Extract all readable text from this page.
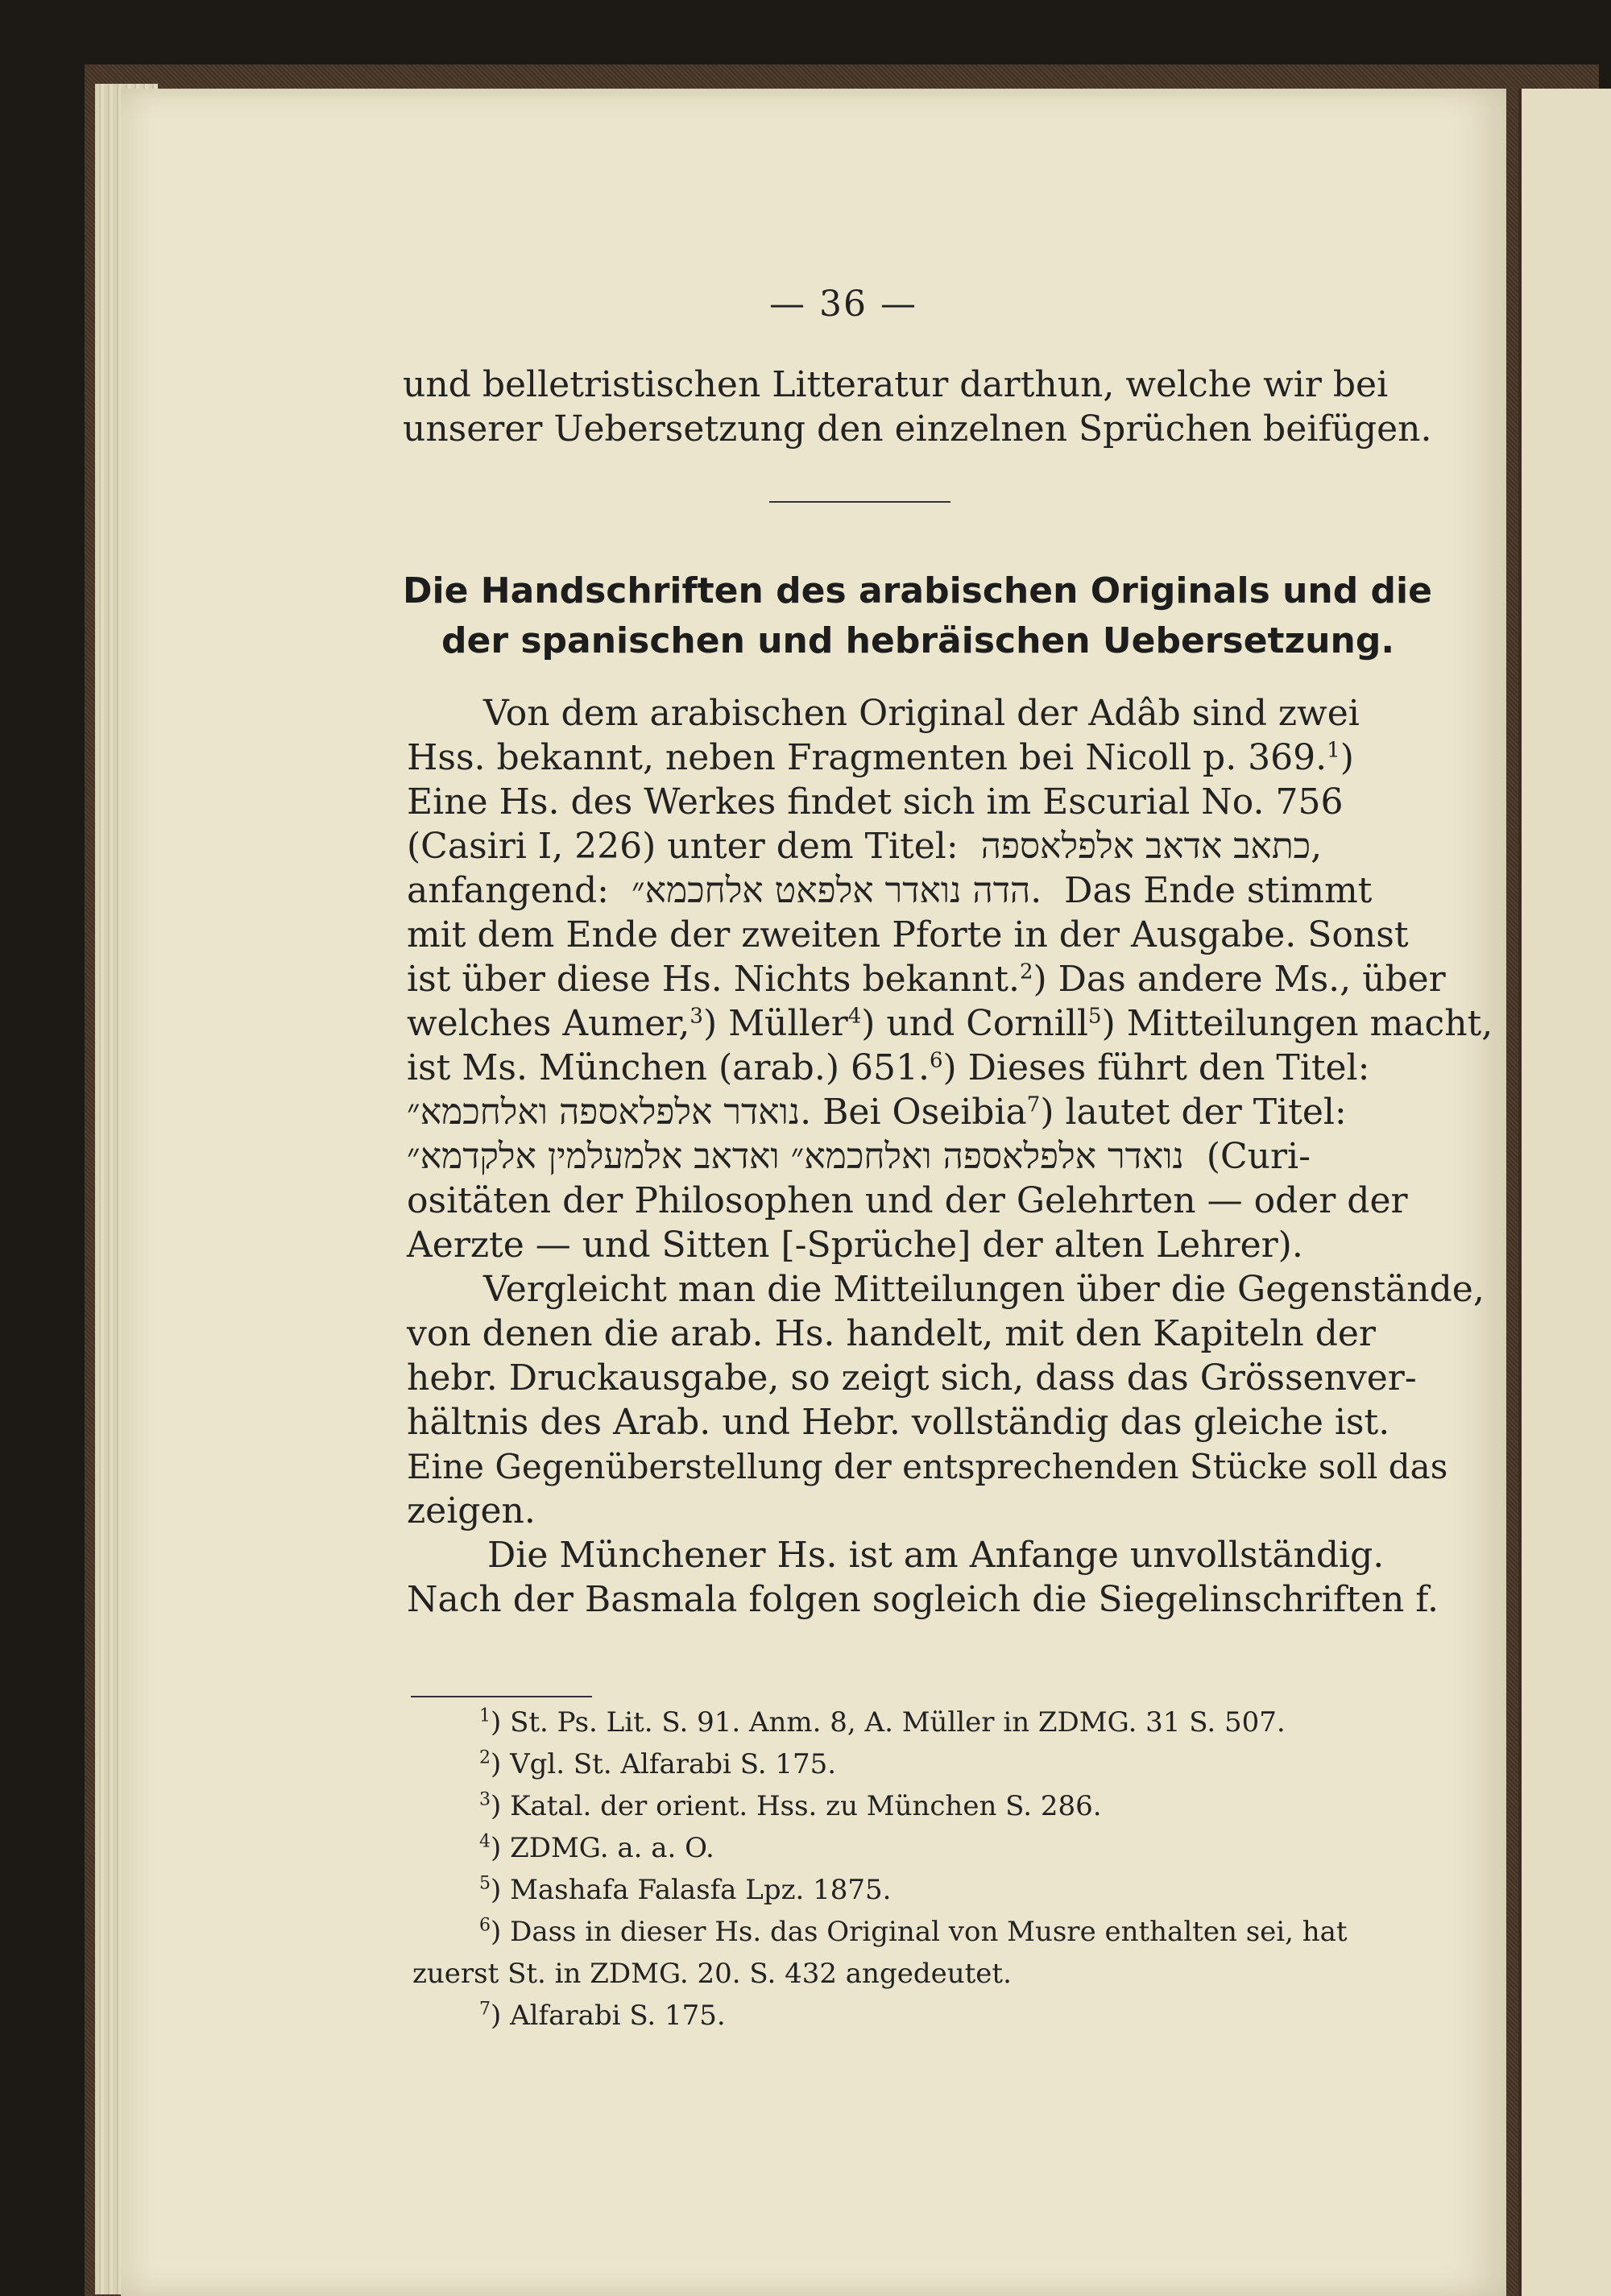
— 36 —
und belletristischen Litteratur darthun, welche wir bei
unserer Uebersetzung den einzelnen Sprüchen beifügen.
Die Handschriften des arabischen Originals und die
der spanischen und hebräischen Uebersetzung.
Von dem arabischen Original der Adâb sind zwei
Hss. bekannt, neben Fragmenten bei Nicoll p. 369.$^1$)
Eine Hs. des Werkes findet sich im Escurial No. 756
(Casiri I, 226) unter dem Titel: כתאב אדאב אלפלאספה,
anfangend: הדה נואדר אלפאט אלחכמא״.  Das Ende stimmt
mit dem Ende der zweiten Pforte in der Ausgabe. Sonst
ist über diese Hs. Nichts bekannt.$^2$) Das andere Ms., über
welches Aumer,$^3$) Müller$^4$) und Cornill$^5$) Mitteilungen macht,
ist Ms. München (arab.) 651.$^6$) Dieses führt den Titel:
נואדר אלפלאספה ואלחכמא״. Bei Oseibia$^7$) lautet der Titel:
נואדר אלפלאספה ואלחכמא״ ואדאב אלמעלמין אלקדמא״ (Curi-
ositäten der Philosophen und der Gelehrten — oder der
Aerzte — und Sitten [-Sprüche] der alten Lehrer).
Vergleicht man die Mitteilungen über die Gegenstände,
von denen die arab. Hs. handelt, mit den Kapiteln der
hebr. Druckausgabe, so zeigt sich, dass das Grössenver-
hältnis des Arab. und Hebr. vollständig das gleiche ist.
Eine Gegenüberstellung der entsprechenden Stücke soll das
zeigen.
Die Münchener Hs. ist am Anfange unvollständig.
Nach der Basmala folgen sogleich die Siegelinschriften f.
$^1$) St. Ps. Lit. S. 91. Anm. 8, A. Müller in ZDMG. 31 S. 507.
$^2$) Vgl. St. Alfarabi S. 175.
$^3$) Katal. der orient. Hss. zu München S. 286.
$^4$) ZDMG. a. a. O.
$^5$) Mashafa Falasfa Lpz. 1875.
$^6$) Dass in dieser Hs. das Original von Musre enthalten sei, hat
zuerst St. in ZDMG. 20. S. 432 angedeutet.
$^7$) Alfarabi S. 175.
